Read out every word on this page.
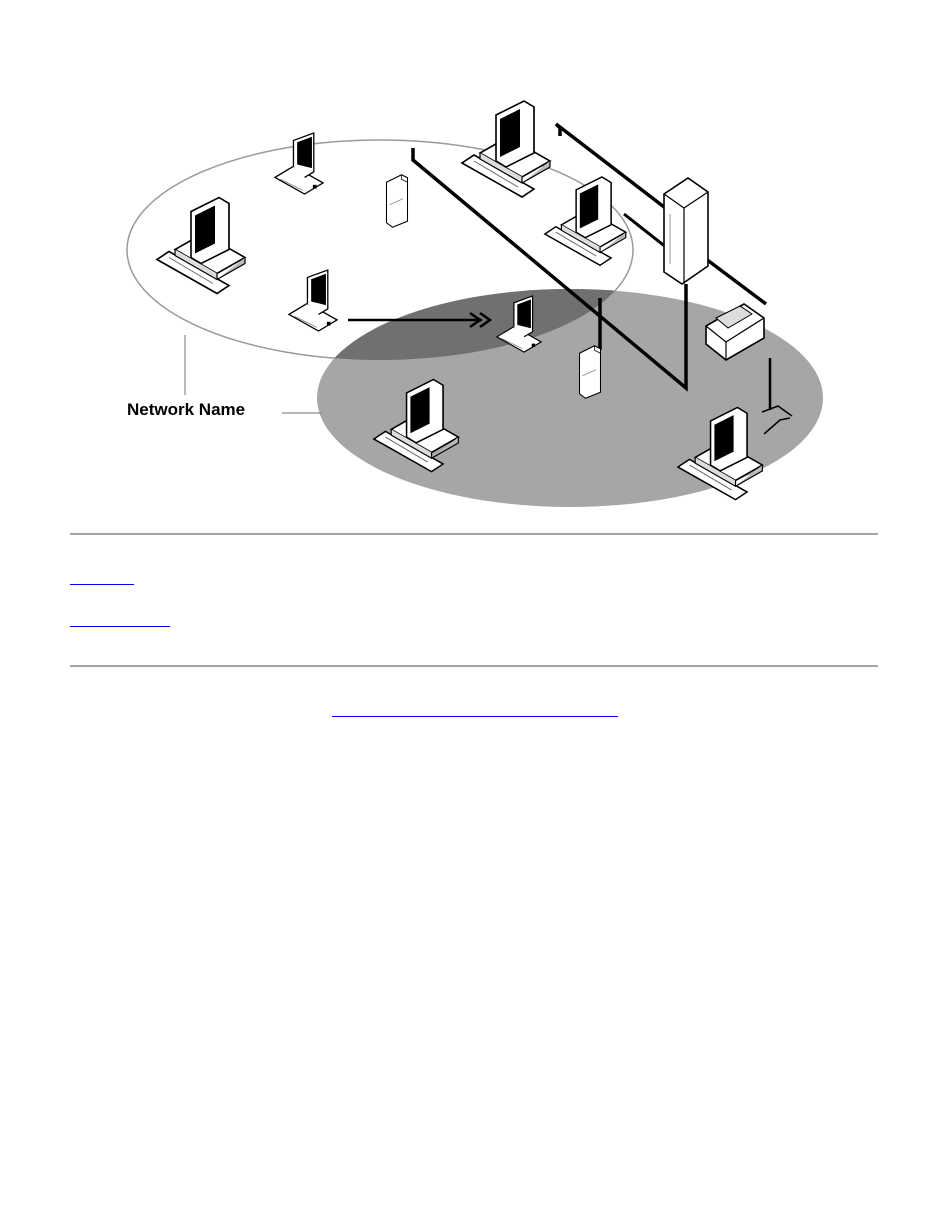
Network Name
